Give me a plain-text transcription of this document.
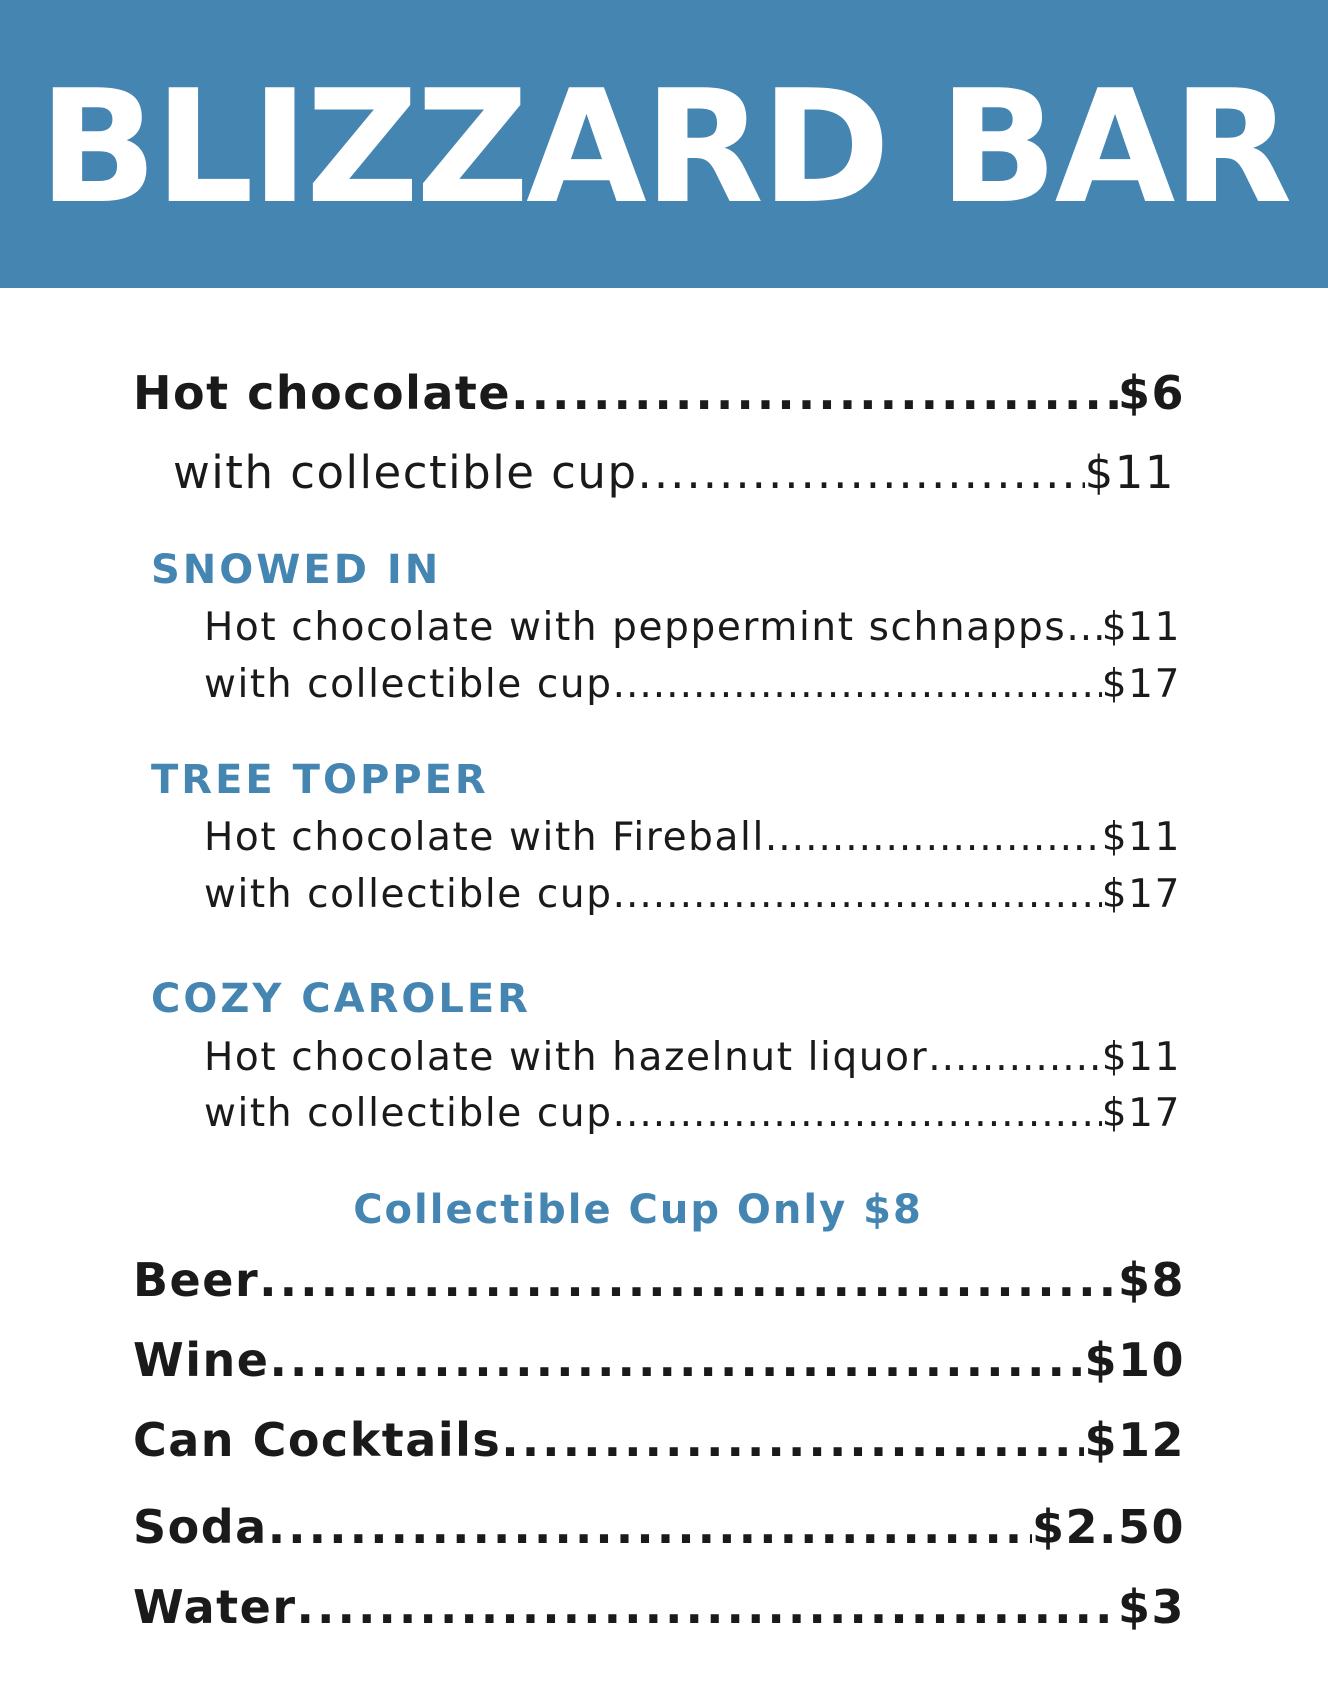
BLIZZARD BAR
Hot chocolate .....	$6
with collectible cup .....	$11
SNOWED IN
Hot chocolate with peppermint schnapps ..... $11
with collectible cup .....	$17
TREE TOPPER
Hot chocolate with Fireball .....	$11
with collectible cup .....	$17
COZY CAROLER
Hot chocolate with hazelnut liquor .....	$11
with collectible cup .....	$17
Collectible Cup Only $8
Beer .....	$8
Wine .....	$10
Can Cocktails .....	$12
Soda .....	$2.50
Water .....	$3
